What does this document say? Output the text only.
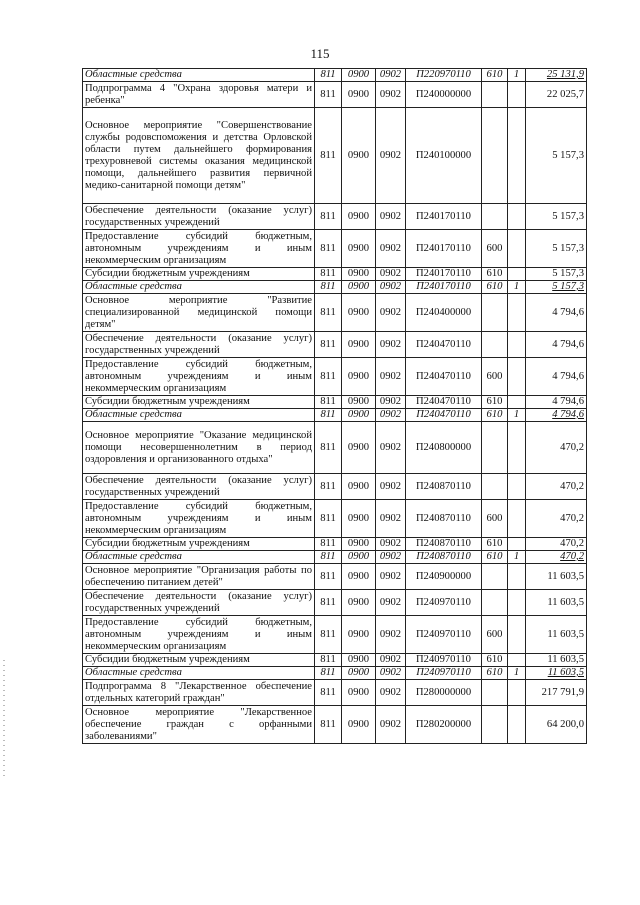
115
Областные средства	811	0900	0902	П220970110	610	1	25 131,9
Подпрограмма 4 "Охрана здоровья матери и ребенка"	811	0900	0902	П240000000			22 025,7
Основное мероприятие "Совершенствование службы родовспоможения и детства Орловской области путем дальнейшего формирования трехуровневой системы оказания медицинской помощи, дальнейшего развития первичной медико-санитарной помощи детям"	811	0900	0902	П240100000			5 157,3
Обеспечение деятельности (оказание услуг) государственных учреждений	811	0900	0902	П240170110			5 157,3
Предоставление субсидий бюджетным, автономным учреждениям и иным некоммерческим организациям	811	0900	0902	П240170110	600		5 157,3
Субсидии бюджетным учреждениям	811	0900	0902	П240170110	610		5 157,3
Областные средства	811	0900	0902	П240170110	610	1	5 157,3
Основное мероприятие "Развитие специализированной медицинской помощи детям"	811	0900	0902	П240400000			4 794,6
Обеспечение деятельности (оказание услуг) государственных учреждений	811	0900	0902	П240470110			4 794,6
Предоставление субсидий бюджетным, автономным учреждениям и иным некоммерческим организациям	811	0900	0902	П240470110	600		4 794,6
Субсидии бюджетным учреждениям	811	0900	0902	П240470110	610		4 794,6
Областные средства	811	0900	0902	П240470110	610	1	4 794,6
Основное мероприятие "Оказание медицинской помощи несовершеннолетним в период оздоровления и организованного отдыха"	811	0900	0902	П240800000			470,2
Обеспечение деятельности (оказание услуг) государственных учреждений	811	0900	0902	П240870110			470,2
Предоставление субсидий бюджетным, автономным учреждениям и иным некоммерческим организациям	811	0900	0902	П240870110	600		470,2
Субсидии бюджетным учреждениям	811	0900	0902	П240870110	610		470,2
Областные средства	811	0900	0902	П240870110	610	1	470,2
Основное мероприятие "Организация работы по обеспечению питанием детей"	811	0900	0902	П240900000			11 603,5
Обеспечение деятельности (оказание услуг) государственных учреждений	811	0900	0902	П240970110			11 603,5
Предоставление субсидий бюджетным, автономным учреждениям и иным некоммерческим организациям	811	0900	0902	П240970110	600		11 603,5
Субсидии бюджетным учреждениям	811	0900	0902	П240970110	610		11 603,5
Областные средства	811	0900	0902	П240970110	610	1	11 603,5
Подпрограмма 8 "Лекарственное обеспечение отдельных категорий граждан"	811	0900	0902	П280000000			217 791,9
Основное мероприятие "Лекарственное обеспечение граждан с орфанными заболеваниями"	811	0900	0902	П280200000			64 200,0
